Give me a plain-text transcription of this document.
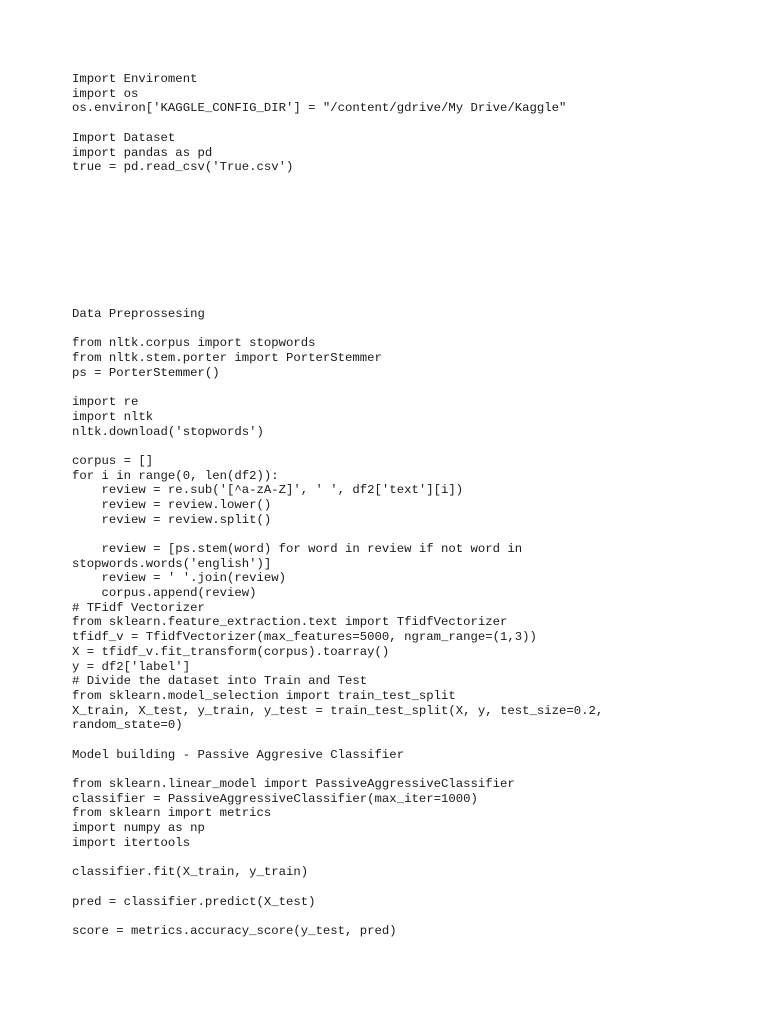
Import Enviroment
import os
os.environ['KAGGLE_CONFIG_DIR'] = "/content/gdrive/My Drive/Kaggle"
Import Dataset
import pandas as pd
true = pd.read_csv('True.csv')
Data Preprossesing
from nltk.corpus import stopwords
from nltk.stem.porter import PorterStemmer
ps = PorterStemmer()
import re
import nltk
nltk.download('stopwords')
corpus = []
for i in range(0, len(df2)):
review = re.sub('[^a-zA-Z]', ' ', df2['text'][i])
review = review.lower()
review = review.split()
review = [ps.stem(word) for word in review if not word in
stopwords.words('english')]
review = ' '.join(review)
corpus.append(review)
# TFidf Vectorizer
from sklearn.feature_extraction.text import TfidfVectorizer
tfidf_v = TfidfVectorizer(max_features=5000, ngram_range=(1,3))
X = tfidf_v.fit_transform(corpus).toarray()
y = df2['label']
# Divide the dataset into Train and Test
from sklearn.model_selection import train_test_split
X_train, X_test, y_train, y_test = train_test_split(X, y, test_size=0.2,
random_state=0)
Model building - Passive Aggresive Classifier
from sklearn.linear_model import PassiveAggressiveClassifier
classifier = PassiveAggressiveClassifier(max_iter=1000)
from sklearn import metrics
import numpy as np
import itertools
classifier.fit(X_train, y_train)
pred = classifier.predict(X_test)
score = metrics.accuracy_score(y_test, pred)
